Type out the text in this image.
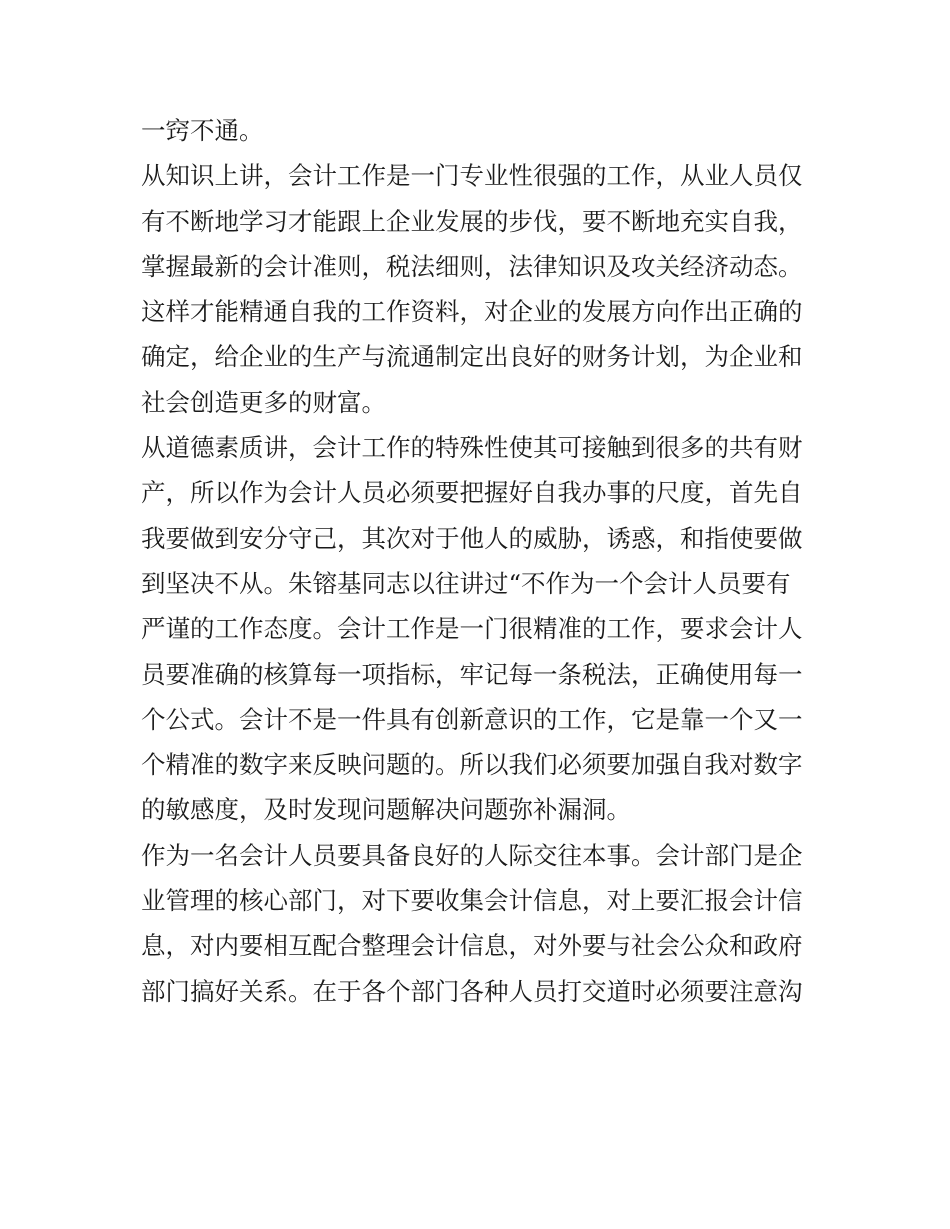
一窍不通。
从知识上讲，会计工作是一门专业性很强的工作，从业人员仅
有不断地学习才能跟上企业发展的步伐，要不断地充实自我，
掌握最新的会计准则，税法细则，法律知识及攻关经济动态。
这样才能精通自我的工作资料，对企业的发展方向作出正确的
确定，给企业的生产与流通制定出良好的财务计划，为企业和
社会创造更多的财富。
从道德素质讲，会计工作的特殊性使其可接触到很多的共有财
产，所以作为会计人员必须要把握好自我办事的尺度，首先自
我要做到安分守己，其次对于他人的威胁，诱惑，和指使要做
到坚决不从。朱镕基同志以往讲过“不作为一个会计人员要有
严谨的工作态度。会计工作是一门很精准的工作，要求会计人
员要准确的核算每一项指标，牢记每一条税法，正确使用每一
个公式。会计不是一件具有创新意识的工作，它是靠一个又一
个精准的数字来反映问题的。所以我们必须要加强自我对数字
的敏感度，及时发现问题解决问题弥补漏洞。
作为一名会计人员要具备良好的人际交往本事。会计部门是企
业管理的核心部门，对下要收集会计信息，对上要汇报会计信
息，对内要相互配合整理会计信息，对外要与社会公众和政府
部门搞好关系。在于各个部门各种人员打交道时必须要注意沟
